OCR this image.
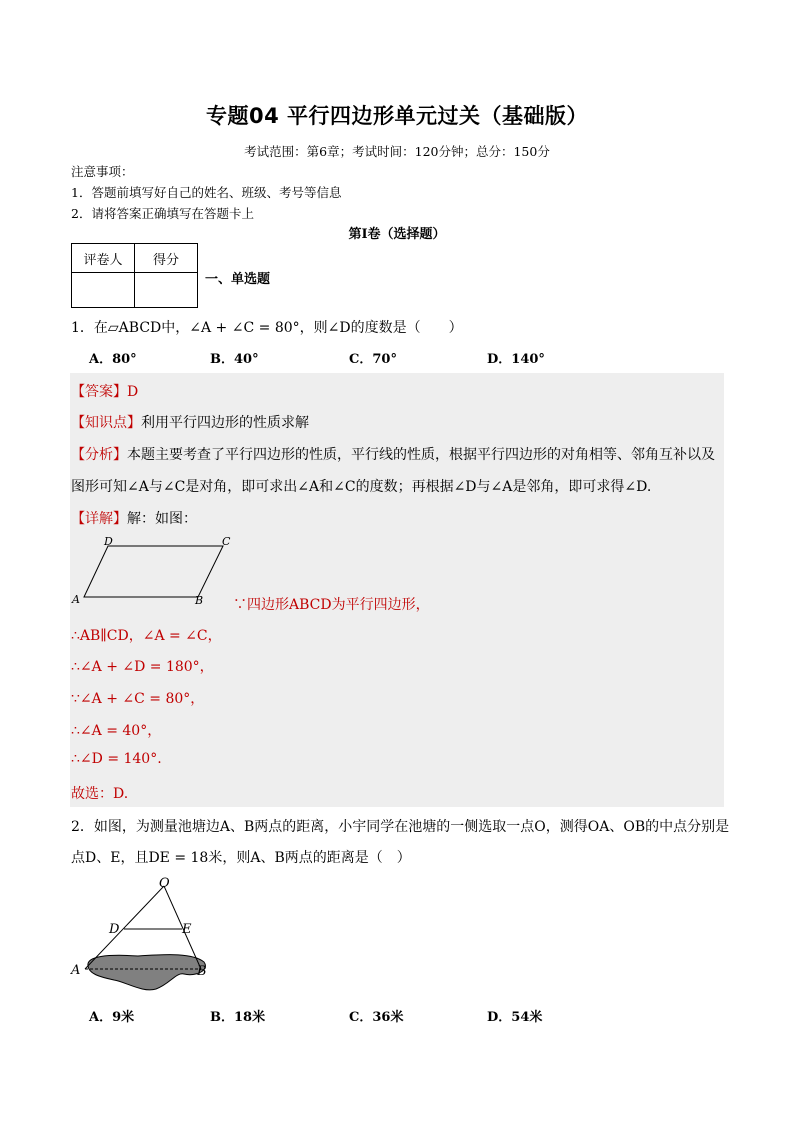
专题04 平行四边形单元过关（基础版）
考试范围：第6章；考试时间：120分钟；总分：150分
注意事项：
1．答题前填写好自己的姓名、班级、考号等信息
2．请将答案正确填写在答题卡上
第I卷（选择题）
评卷人	得分

一、单选题
1．在▱ABCD中，∠A + ∠C = 80°，则∠D的度数是（　　）
A．80°	B．40°	C．70°	D．140°
【答案】D
【知识点】利用平行四边形的性质求解
【分析】本题主要考查了平行四边形的性质，平行线的性质，根据平行四边形的对角相等、邻角互补以及
图形可知∠A与∠C是对角，即可求出∠A和∠C的度数；再根据∠D与∠A是邻角，即可求得∠D.
【详解】解：如图：
A	B
C
D
∵四边形ABCD为平行四边形，
∴AB∥CD，∠A = ∠C，
∴∠A + ∠D = 180°，
∵∠A + ∠C = 80°，
∴∠A = 40°，
∴∠D = 140°.
故选：D.
2．如图，为测量池塘边A、B两点的距离，小宇同学在池塘的一侧选取一点O，测得OA、OB的中点分别是
点D、E，且DE = 18米，则A、B两点的距离是（　）
O
D	E
A	B
A．9米	B．18米	C．36米	D．54米
